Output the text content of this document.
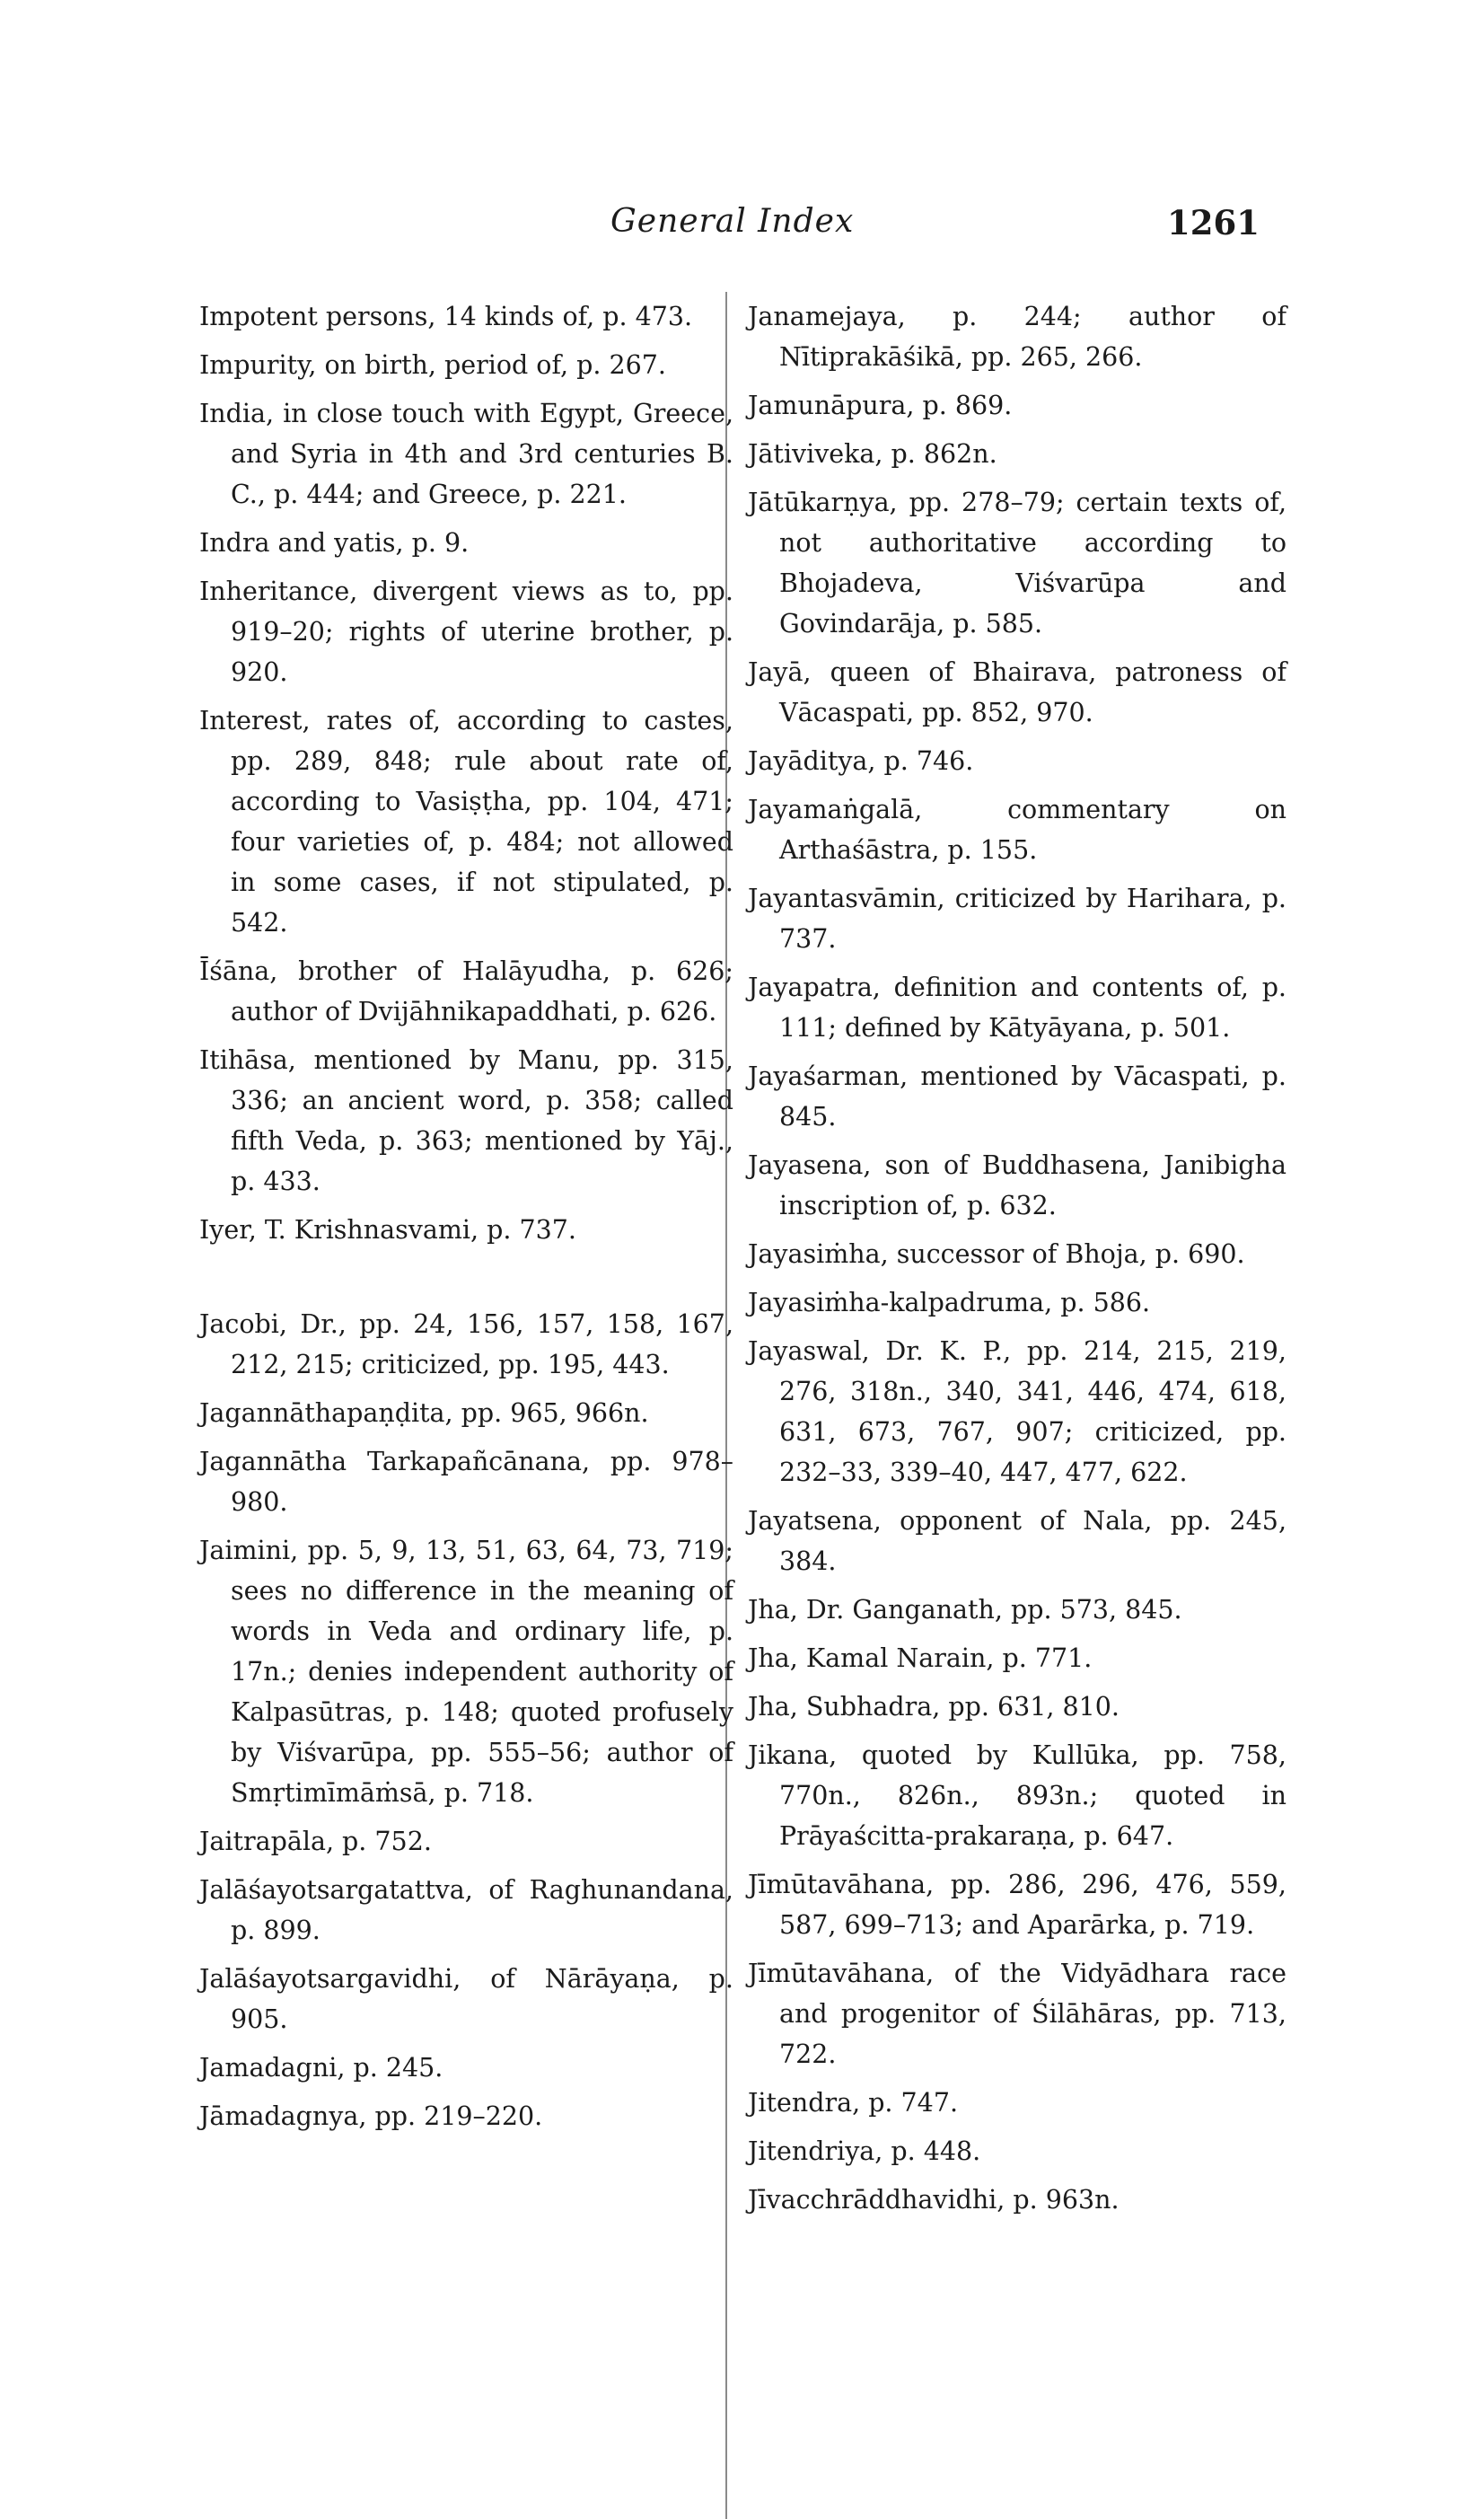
General Index	1261

Impotent persons, 14 kinds of, p. 473.

Impurity, on birth, period of, p. 267.

India, in close touch with Egypt, Greece, and Syria in 4th and 3rd centuries B. C., p. 444; and Greece, p. 221.

Indra and yatis, p. 9.

Inheritance, divergent views as to, pp. 919–20; rights of uterine brother, p. 920.

Interest, rates of, according to castes, pp. 289, 848; rule about rate of, according to Vasiṣṭha, pp. 104, 471; four varieties of, p. 484; not allowed in some cases, if not stipulated, p. 542.

Īśāna, brother of Halāyudha, p. 626; author of Dvijāhnikapaddhati, p. 626.

Itihāsa, mentioned by Manu, pp. 315, 336; an ancient word, p. 358; called fifth Veda, p. 363; mentioned by Yāj., p. 433.

Iyer, T. Krishnasvami, p. 737.

Jacobi, Dr., pp. 24, 156, 157, 158, 167, 212, 215; criticized, pp. 195, 443.

Jagannāthapaṇḍita, pp. 965, 966n.

Jagannātha Tarkapañcānana, pp. 978–980.

Jaimini, pp. 5, 9, 13, 51, 63, 64, 73, 719; sees no difference in the meaning of words in Veda and ordinary life, p. 17n.; denies independent authority of Kalpasūtras, p. 148; quoted profusely by Viśvarūpa, pp. 555–56; author of Smṛtimīmāṁsā, p. 718.

Jaitrapāla, p. 752.

Jalāśayotsargatattva, of Raghunandana, p. 899.

Jalāśayotsargavidhi, of Nārāyaṇa, p. 905.

Jamadagni, p. 245.

Jāmadagnya, pp. 219–220.

Janamejaya, p. 244; author of Nītiprakāśikā, pp. 265, 266.

Jamunāpura, p. 869.

Jātiviveka, p. 862n.

Jātūkarṇya, pp. 278–79; certain texts of, not authoritative according to Bhojadeva, Viśvarūpa and Govindarāja, p. 585.

Jayā, queen of Bhairava, patroness of Vācaspati, pp. 852, 970.

Jayāditya, p. 746.

Jayamaṅgalā, commentary on Arthaśāstra, p. 155.

Jayantasvāmin, criticized by Harihara, p. 737.

Jayapatra, definition and contents of, p. 111; defined by Kātyāyana, p. 501.

Jayaśarman, mentioned by Vācaspati, p. 845.

Jayasena, son of Buddhasena, Janibigha inscription of, p. 632.

Jayasiṁha, successor of Bhoja, p. 690.

Jayasiṁha-kalpadruma, p. 586.

Jayaswal, Dr. K. P., pp. 214, 215, 219, 276, 318n., 340, 341, 446, 474, 618, 631, 673, 767, 907; criticized, pp. 232–33, 339–40, 447, 477, 622.

Jayatsena, opponent of Nala, pp. 245, 384.

Jha, Dr. Ganganath, pp. 573, 845.

Jha, Kamal Narain, p. 771.

Jha, Subhadra, pp. 631, 810.

Jikana, quoted by Kullūka, pp. 758, 770n., 826n., 893n.; quoted in Prāyaścitta-prakaraṇa, p. 647.

Jīmūtavāhana, pp. 286, 296, 476, 559, 587, 699–713; and Aparārka, p. 719.

Jīmūtavāhana, of the Vidyādhara race and progenitor of Śilāhāras, pp. 713, 722.

Jitendra, p. 747.

Jitendriya, p. 448.

Jīvacchrāddhavidhi, p. 963n.
